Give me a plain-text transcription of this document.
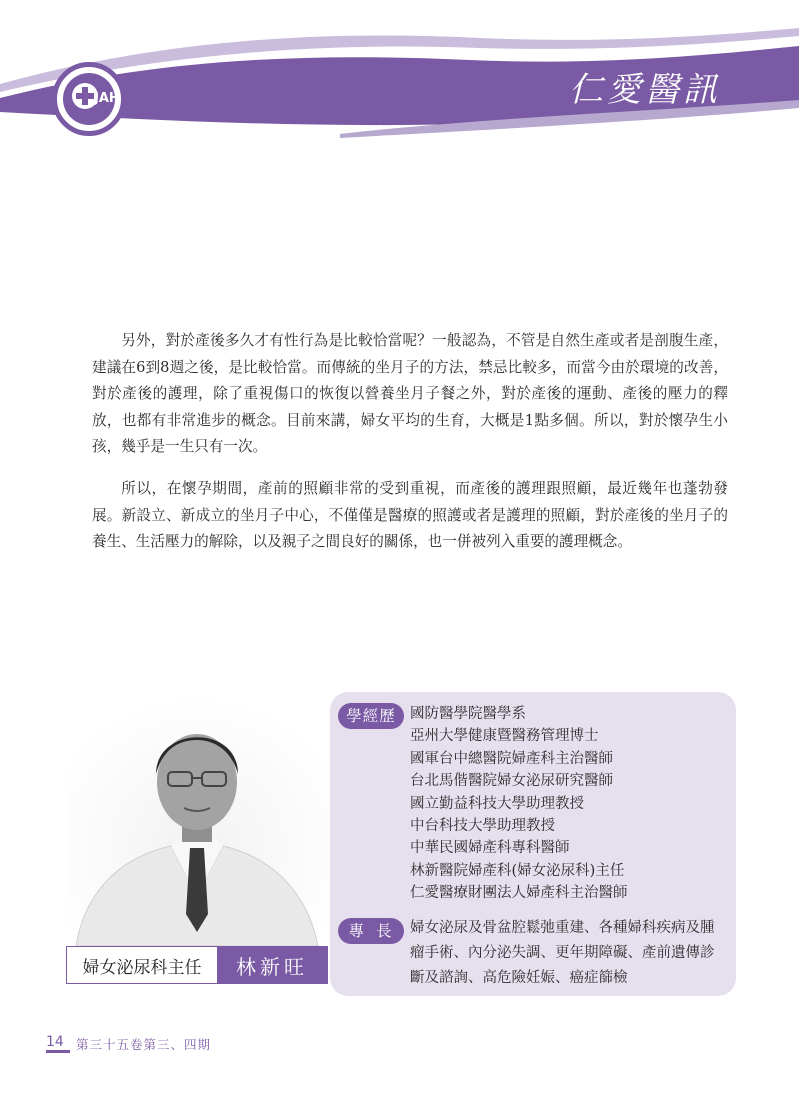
JAH	仁愛醫訊

另外，對於產後多久才有性行為是比較恰當呢？一般認為，不管是自然生產或者是剖腹生產，建議在6到8週之後，是比較恰當。而傳統的坐月子的方法，禁忌比較多，而當今由於環境的改善，對於產後的護理，除了重視傷口的恢復以營養坐月子餐之外，對於產後的運動、產後的壓力的釋放，也都有非常進步的概念。目前來講，婦女平均的生育，大概是1點多個。所以，對於懷孕生小孩，幾乎是一生只有一次。

所以，在懷孕期間，產前的照顧非常的受到重視，而產後的護理跟照顧，最近幾年也蓬勃發展。新設立、新成立的坐月子中心，不僅僅是醫療的照護或者是護理的照顧，對於產後的坐月子的養生、生活壓力的解除，以及親子之間良好的關係，也一併被列入重要的護理概念。

婦女泌尿科主任	林新旺
學經歷 國防醫學院醫學系
亞州大學健康暨醫務管理博士
國軍台中總醫院婦產科主治醫師
台北馬偕醫院婦女泌尿研究醫師
國立勤益科技大學助理教授
中台科技大學助理教授
中華民國婦產科專科醫師
林新醫院婦產科(婦女泌尿科)主任
仁愛醫療財團法人婦產科主治醫師
專長 婦女泌尿及骨盆腔鬆弛重建、各種婦科疾病及腫瘤手術、內分泌失調、更年期障礙、產前遺傳診斷及諮詢、高危險妊娠、癌症篩檢

14 第三十五卷第三、四期
